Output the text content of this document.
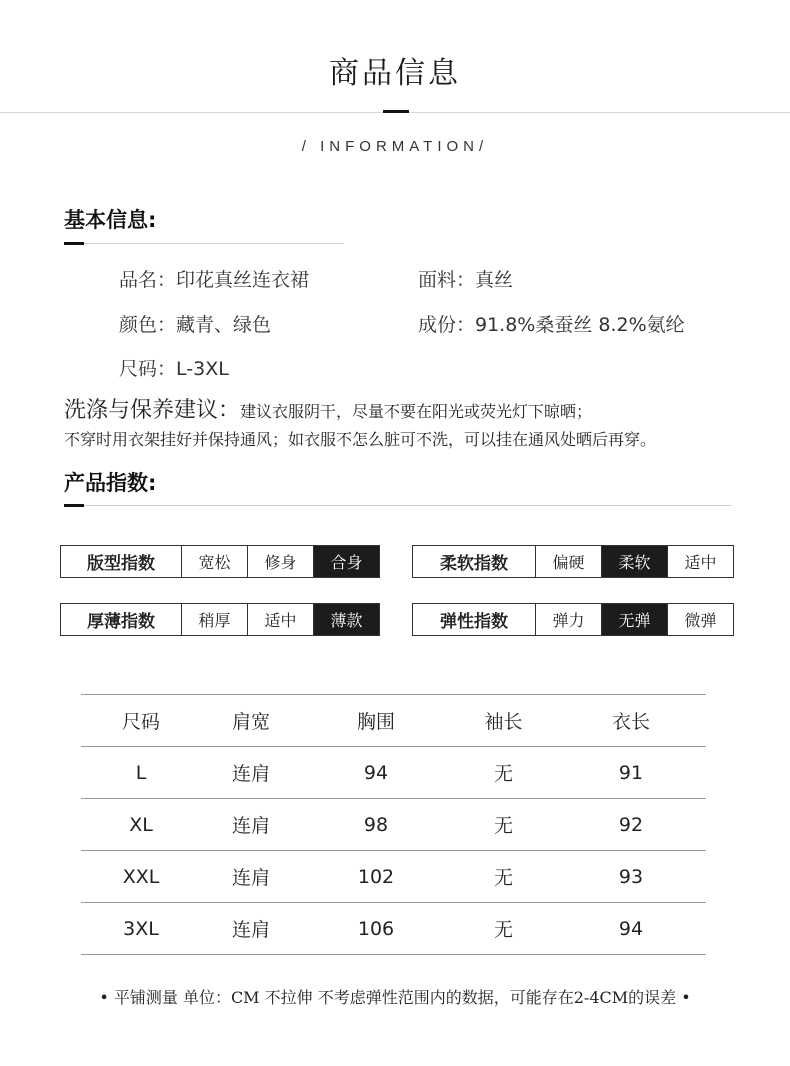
商品信息
/ INFORMATION/
基本信息:
品名：印花真丝连衣裙	面料：真丝
颜色：藏青、绿色	成份：91.8%桑蚕丝 8.2%氨纶
尺码：L-3XL
洗涤与保养建议：建议衣服阴干，尽量不要在阳光或荧光灯下晾晒；
不穿时用衣架挂好并保持通风；如衣服不怎么脏可不洗，可以挂在通风处晒后再穿。
产品指数:
版型指数	宽松	修身	合身	柔软指数	偏硬	柔软	适中
厚薄指数	稍厚	适中	薄款	弹性指数	弹力	无弹	微弹
尺码	肩宽	胸围	袖长	衣长
L	连肩	94	无	91
XL	连肩	98	无	92
XXL	连肩	102	无	93
3XL	连肩	106	无	94
• 平铺测量 单位：CM 不拉伸 不考虑弹性范围内的数据，可能存在2-4CM的误差 •
